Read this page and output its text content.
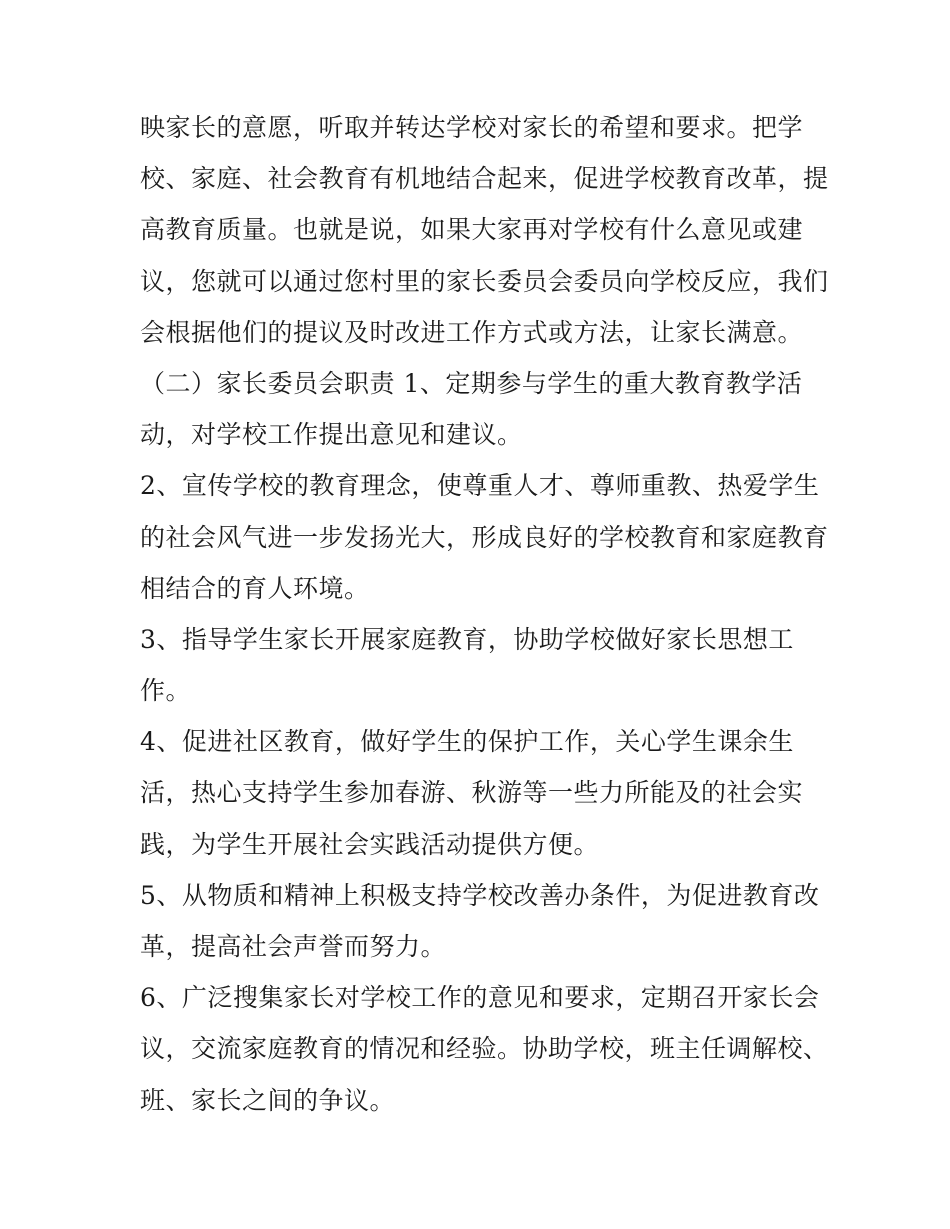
映家长的意愿，听取并转达学校对家长的希望和要求。把学
校、家庭、社会教育有机地结合起来，促进学校教育改革，提
高教育质量。也就是说，如果大家再对学校有什么意见或建
议，您就可以通过您村里的家长委员会委员向学校反应，我们
会根据他们的提议及时改进工作方式或方法，让家长满意。
（二）家长委员会职责 1、定期参与学生的重大教育教学活
动，对学校工作提出意见和建议。
2、宣传学校的教育理念，使尊重人才、尊师重教、热爱学生
的社会风气进一步发扬光大，形成良好的学校教育和家庭教育
相结合的育人环境。
3、指导学生家长开展家庭教育，协助学校做好家长思想工
作。
4、促进社区教育，做好学生的保护工作，关心学生课余生
活，热心支持学生参加春游、秋游等一些力所能及的社会实
践，为学生开展社会实践活动提供方便。
5、从物质和精神上积极支持学校改善办条件，为促进教育改
革，提高社会声誉而努力。
6、广泛搜集家长对学校工作的意见和要求，定期召开家长会
议，交流家庭教育的情况和经验。协助学校，班主任调解校、
班、家长之间的争议。
